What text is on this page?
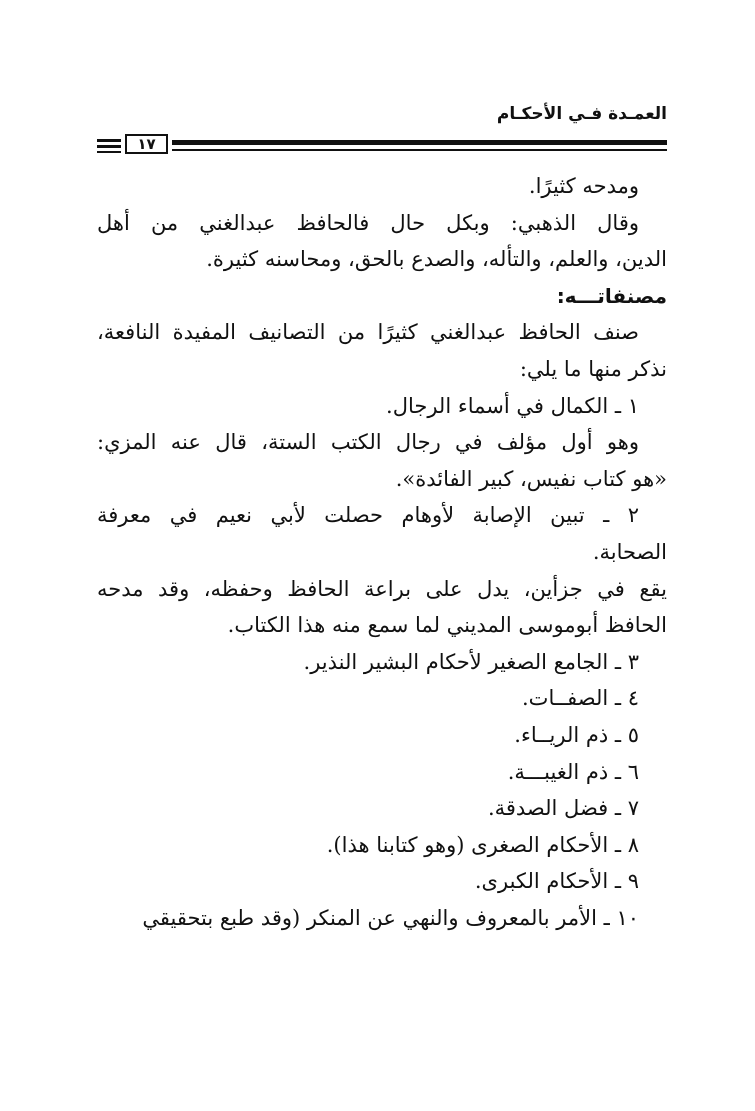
العمـدة فـي الأحكـام
١٧

ومدحه كثيرًا.

وقال الذهبي: وبكل حال فالحافظ عبدالغني من أهل

الدين، والعلم، والتأله، والصدع بالحق، ومحاسنه كثيرة.

مصنفاتـــه:

صنف الحافظ عبدالغني كثيرًا من التصانيف المفيدة النافعة،

نذكر منها ما يلي:

١ ـ الكمال في أسماء الرجال.

وهو أول مؤلف في رجال الكتب الستة، قال عنه المزي:

«هو كتاب نفيس، كبير الفائدة».

٢ ـ تبين الإصابة لأوهام حصلت لأبي نعيم في معرفة

الصحابة.

يقع في جزأين، يدل على براعة الحافظ وحفظه، وقد مدحه

الحافظ أبوموسى المديني لما سمع منه هذا الكتاب.

٣ ـ الجامع الصغير لأحكام البشير النذير.

٤ ـ الصفــات.

٥ ـ ذم الريــاء.

٦ ـ ذم الغيبـــة.

٧ ـ فضل الصدقة.

٨ ـ الأحكام الصغرى (وهو كتابنا هذا).

٩ ـ الأحكام الكبرى.

١٠ ـ الأمر بالمعروف والنهي عن المنكر (وقد طبع بتحقيقي
